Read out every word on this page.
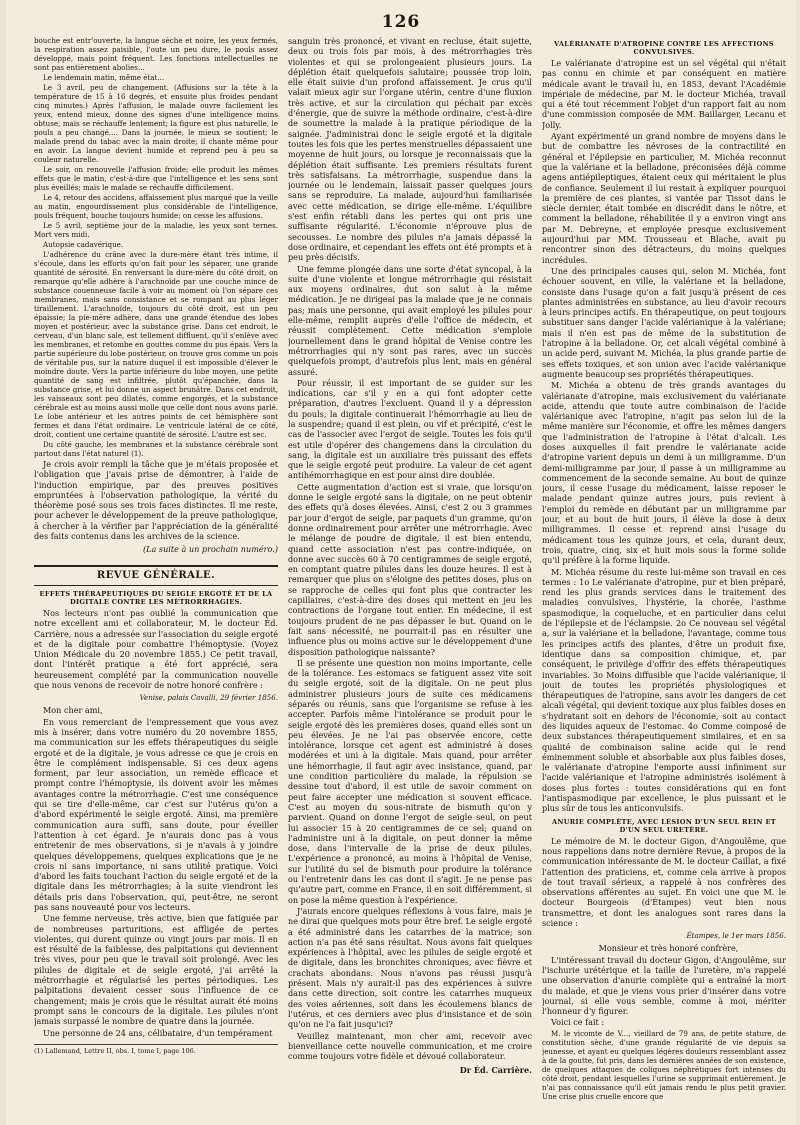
126

bouche est entr'ouverte, la langue sèche et noire, les yeux fermés, la respiration assez paisible, l'oute un peu dure, le pouls assez développé, mais point fréquent. Les fonctions intellectuelles ne sont pas entièrement abolies...

Le lendemain matin, même état...

Le 3 avril, peu de changement. (Affusions sur la tête à la température de 15 à 16 degrés, et ensuite plus froides pendant cinq minutes.) Après l'affusion, le malade ouvre facilement les yeux, entend mieux, donne des signes d'une intelligence moins obtuse, mais se réchauffe lentement; la figure est plus naturelle, le pouls a peu changé.... Dans la journée, le mieux se soutient; le malade prend du tabac avec la main droite; il chante même pour en avoir. La langue devient humide et reprend peu à peu sa couleur naturelle.

Le soir, on renouvelle l'affusion froide; elle produit les mêmes effets que le matin, c'est-à-dire que l'intelligence et les sens sont plus éveillés; mais le malade se réchauffe difficilement.

Le 4, retour des accidens, affaissement plus marqué que la veille au matin, engourdissement plus considérable de l'intelligence, pouls fréquent, bouche toujours humide; on cesse les affusions.

Le 5 avril, septième jour de la maladie, les yeux sont ternes. Mort vers midi.

Autopsie cadavérique.

L'adhérence du crâne avec la dure-mère étant très intime, il s'écoule, dans les efforts qu'on fait pour les séparer, une grande quantité de sérosité. En renversant la dure-mère du côté droit, on remarque qu'elle adhère à l'arachnoïde par une couche mince de substance couenneuse facile à voir au moment où l'on sépare ces membranes, mais sans consistance et se rompant au plus léger tiraillement. L'arachnoïde, toujours du côté droit, est un peu épaissie; la pie-mère adhère, dans une grande étendue des lobes moyen et postérieur, avec la substance grise. Dans cet endroit, le cerveau, d'un blanc sale, est tellement diffluent, qu'il s'enlève avec les membranes, et retombe en gouttes comme du pus épais. Vers la partie supérieure du lobe postérieur, on trouve gros comme un pois de véritable pus, sur la nature duquel il est impossible d'élever le moindre doute. Vers la partie inférieure du lobe moyen, une petite quantité de sang est infiltrée, plutôt qu'épanchée, dans la substance grise, et lui donne un aspect brunâtre. Dans cet endroit, les vaisseaux sont peu dilatés, comme engorgés, et la substance cérébrale est au moins aussi molle que celle dont nous avons parlé. Le lobe antérieur et les autres points de cet hémisphère sont fermes et dans l'état ordinaire. Le ventricule latéral de ce côté, droit, contient une certaine quantité de sérosité. L'autre est sec.

Du côté gauche, les membranes et la substance cérébrale sont partout dans l'état naturel (1).

Je crois avoir rempli la tâche que je m'étais proposée et l'obligation que j'avais prise de démontrer, à l'aide de l'induction empirique, par des preuves positives empruntées à l'observation pathologique, la vérité du théorème posé sous ses trois faces distinctes. Il me reste, pour achever le développement de la preuve pathologique, à chercher à la vérifier par l'appréciation de la généralité des faits contenus dans les archives de la science.

(La suite à un prochain numéro.)

REVUE GÉNÉRALE.
EFFETS THÉRAPEUTIQUES DU SEIGLE ERGOTÉ ET DE LA DIGITALE CONTRE LES MÉTRORRHAGIES.

Nos lecteurs n'ont pas oublié la communication que notre excellent ami et collaborateur, M. le docteur Éd. Carrière, nous a adressée sur l'association du seigle ergoté et de la digitale pour combattre l'hémoptysie. (Voyez Union Médicale du 20 novembre 1855.) Ce petit travail, dont l'intérêt pratique a été fort apprécié, sera heureusement complété par la communication nouvelle que nous venons de recevoir de notre honoré confrère :

Venise, palais Cavalli, 29 février 1856.

Mon cher ami,

En vous remerciant de l'empressement que vous avez mis à insérer, dans votre numéro du 20 novembre 1855, ma communication sur les effets thérapeutiques du seigle ergoté et de la digitale, je vous adresse ce que je crois en être le complément indispensable. Si ces deux agens forment, par leur association, un remède efficace et prompt contre l'hémoptysie, ils doivent avoir les mêmes avantages contre la métrorrhagie. C'est une conséquence qui se tire d'elle-même, car c'est sur l'utérus qu'on a d'abord expérimenté le seigle ergoté. Ainsi, ma première communication aura suffi, sans doute, pour éveiller l'attention à cet égard. Je n'aurais donc pas à vous entretenir de mes observations, si je n'avais à y joindre quelques développemens, quelques explications que je ne crois ni sans importance, ni sans utilité pratique. Voici d'abord les faits touchant l'action du seigle ergoté et de la digitale dans les métrorrhagies; à la suite viendront les détails pris dans l'observation, qui, peut-être, ne seront pas sans nouveauté pour vos lecteurs.

Une femme nerveuse, très active, bien que fatiguée par de nombreuses parturitions, est affligée de pertes violentes, qui durent quinze ou vingt jours par mois. Il en est résulté de la faiblesse, des palpitations qui deviennent très vives, pour peu que le travail soit prolongé. Avec les pilules de digitale et de seigle ergoté, j'ai arrêté la métrorrhagie et régularisé les pertes périodiques. Les palpitations devaient cesser sous l'influence de ce changement; mais je crois que le résultat aurait été moins prompt sans le concours de la digitale. Les pilules n'ont jamais surpassé le nombre de quatre dans la journée.

Une personne de 24 ans, célibataire, d'un tempérament

(1) Lallemand, Lettre II, obs. I, tome I, page 106.

sanguin très prononcé, et vivant en recluse, était sujette, deux ou trois fois par mois, à des métrorrhagies très violentes et qui se prolongeaient plusieurs jours. La déplétion était quelquefois salutaire; poussée trop loin, elle était suivie d'un profond affaissement. Je crus qu'il valait mieux agir sur l'organe utérin, centre d'une fluxion très active, et sur la circulation qui péchait par excès d'énergie, que de suivre la méthode ordinaire, c'est-à-dire de soumettre la malade à la pratique périodique de la saignée. J'administrai donc le seigle ergoté et la digitale toutes les fois que les pertes menstruelles dépassaient une moyenne de huit jours, ou lorsque je reconnaissais que la déplétion était suffisante. Les premiers résultats furent très satisfaisans. La métrorrhagie, suspendue dans la journée ou le lendemain, laissait passer quelques jours sans se reproduire. La malade, aujourd'hui familiarisée avec cette médication, se dirige elle-même. L'équilibre s'est enfin rétabli dans les pertes qui ont pris une suffisante régularité. L'économie n'éprouve plus de secousses. Le nombre des pilules n'a jamais dépassé la dose ordinaire, et cependant les effets ont été prompts et à peu près décisifs.

Une femme plongée dans une sorte d'état syncopal, à la suite d'une violente et longue métrorrhagie qui résistait aux moyens ordinaires, dut son salut à la même médication. Je ne dirigeai pas la malade que je ne connais pas; mais une personne, qui avait employé les pilules pour elle-même, remplit auprès d'elle l'office de médecin, et réussit complètement. Cette médication s'emploie journellement dans le grand hôpital de Venise contre les métrorrhagies qui n'y sont pas rares, avec un succès quelquefois prompt, d'autrefois plus lent, mais en général assuré.

Pour réussir, il est important de se guider sur les indications, car s'il y en a qui font adopter cette préparation, d'autres l'excluent. Quand il y a dépression du pouls, la digitale continuerait l'hémorrhagie au lieu de la suspendre; quand il est plein, ou vif et précipité, c'est le cas de l'associer avec l'ergot de seigle. Toutes les fois qu'il est utile d'opérer des changemens dans la circulation du sang, la digitale est un auxiliaire très puissant des effets que le seigle ergoté peut produire. La valeur de cet agent antihémorrhagique en est pour ainsi dire doublée.

Cette augmentation d'action est si vraie, que lorsqu'on donne le seigle ergoté sans la digitale, on ne peut obtenir des effets qu'à doses élevées. Ainsi, c'est 2 ou 3 grammes par jour d'ergot de seigle, par paquets d'un gramme, qu'on donne ordinairement pour arrêter une métrorrhagie. Avec le mélange de poudre de digitale, il est bien entendu, quand cette association n'est pas contre-indiquée, on donne avec succès 60 à 70 centigrammes de seigle ergoté, en comptant quatre pilules dans les douze heures. Il est à remarquer que plus on s'éloigne des petites doses, plus on se rapproche de celles qui font plus que contracter les capillaires, c'est-à-dire des doses qui mettent en jeu les contractions de l'organe tout entier. En médecine, il est toujours prudent de ne pas dépasser le but. Quand on le fait sans nécessité, ne pourrait-il pas en résulter une influence plus ou moins active sur le développement d'une disposition pathologique naissante?

Il se présente une question non moins importante, celle de la tolérance. Les estomacs se fatiguent assez vite soit du seigle ergoté, soit de la digitale. On ne peut plus administrer plusieurs jours de suite ces médicamens séparés ou réunis, sans que l'organisme se refuse à les accepter. Parfois même l'intolérance se produit pour le seigle ergoté dès les premières doses, quand elles sont un peu élevées. Je ne l'ai pas observée encore, cette intolérance, lorsque cet agent est administré à doses modérées et uni à la digitale. Mais quand, pour arrêter une hémorrhagie, il faut agir avec insistance, quand, par une condition particulière du malade, la répulsion se dessine tout d'abord, il est utile de savoir comment on peut faire accepter une médication si souvent efficace. C'est au moyen du sous-nitrate de bismuth qu'on y parvient. Quand on donne l'ergot de seigle seul, on peut lui associer 15 à 20 centigrammes de ce sel; quand on l'administre uni à la digitale, on peut donner la même dose, dans l'intervalle de la prise de deux pilules. L'expérience a prononcé, au moins à l'hôpital de Venise, sur l'utilité du sel de bismuth pour produire la tolérance ou l'entretenir dans les cas dont il s'agit. Je ne pense pas qu'autre part, comme en France, il en soit différemment, si on pose la même question à l'expérience.

J'aurais encore quelques réflexions à vous faire, mais je ne dirai que quelques mots pour être bref. Le seigle ergoté a été administré dans les catarrhes de la matrice; son action n'a pas été sans résultat. Nous avons fait quelques expériences à l'hôpital, avec les pilules de seigle ergoté et de digitale, dans les bronchites chroniques, avec fièvre et crachats abondans. Nous n'avons pas réussi jusqu'à présent. Mais n'y aurait-il pas des expériences à suivre dans cette direction, soit contre les catarrhes muqueux des voies aériennes, soit dans les écoulemens blancs de l'utérus, et ces derniers avec plus d'insistance et de soin qu'on ne l'a fait jusqu'ici?

Veuillez maintenant, mon cher ami, recevoir avec bienveillance cette nouvelle communication, et me croire comme toujours votre fidèle et dévoué collaborateur.

Dr Éd. Carrière.

VALÉRIANATE D'ATROPINE CONTRE LES AFFECTIONS CONVULSIVES.

Le valérianate d'atropine est un sel végétal qui n'était pas connu en chimie et par conséquent en matière médicale avant le travail lu, en 1853, devant l'Académie impériale de médecine, par M. le docteur Michéa, travail qui a été tout récemment l'objet d'un rapport fait au nom d'une commission composée de MM. Baillarger, Lecanu et Jolly.

Ayant expérimenté un grand nombre de moyens dans le but de combattre les névroses de la contractilité en général et l'épilepsie en particulier, M. Michéa reconnut que la valériane et la belladone, préconisées déjà comme agens antiépileptiques, étaient ceux qui méritaient le plus de confiance. Seulement il lui restait à expliquer pourquoi la première de ces plantes, si vantée par Tissot dans le siècle dernier, était tombée en discrédit dans le nôtre, et comment la belladone, réhabilitée il y a environ vingt ans par M. Debreyne, et employée presque exclusivement aujourd'hui par MM. Trousseau et Blache, avait pu rencontrer sinon des détracteurs, du moins quelques incrédules.

Une des principales causes qui, selon M. Michéa, font échouer souvent, en ville, la valériane et la belladone, consiste dans l'usage qu'on a fait jusqu'à présent de ces plantes administrées en substance, au lieu d'avoir recours à leurs principes actifs. En thérapeutique, on peut toujours substituer sans danger l'acide valérianique à la valériane; mais il n'en est pas de même de la substitution de l'atropine à la belladone. Or, cet alcali végétal combiné à un acide perd, suivant M. Michéa, la plus grande partie de ses effets toxiques, et son union avec l'acide valérianique augmente beaucoup ses propriétés thérapeutiques.

M. Michéa a obtenu de très grands avantages du valérianate d'atropine, mais exclusivement du valérianate acide, attendu que toute autre combinaison de l'acide valérianique avec l'atropine, n'agit pas selon lui de la même manière sur l'économie, et offre les mêmes dangers que l'administration de l'atropine à l'état d'alcali. Les doses auxquelles il fait prendre le valérianate acide d'atropine varient depuis un demi à un milligramme. D'un demi-milligramme par jour, il passe à un milligramme au commencement de la seconde semaine. Au bout de quinze jours, il cesse l'usage du médicament, laisse reposer le malade pendant quinze autres jours, puis revient à l'emploi du remède en débutant par un milligramme par jour, et au bout de huit jours, il élève la dose à deux milligrammes. Il cesse et reprend ainsi l'usage du médicament tous les quinze jours, et cela, durant deux, trois, quatre, cinq, six et huit mois sous la forme solide qu'il préfère à la forme liquide.

M. Michéa résume du reste lui-même son travail en ces termes : 1o Le valérianate d'atropine, pur et bien préparé, rend les plus grands services dans le traitement des maladies convulsives, l'hystérie, la chorée, l'asthme spasmodique, la coqueluche, et en particulier dans celui de l'épilepsie et de l'éclampsie. 2o Ce nouveau sel végétal a, sur la valériane et la belladone, l'avantage, comme tous les principes actifs des plantes, d'être un produit fixe, identique dans sa composition chimique, et, par conséquent, le privilège d'offrir des effets thérapeutiques invariables. 3o Moins diffusible que l'acide valérianique, il jouit de toutes les propriétés physiologiques et thérapeutiques de l'atropine, sans avoir les dangers de cet alcali végétal, qui devient toxique aux plus faibles doses en s'hydratant soit en dehors de l'économie, soit au contact des liquides aqueux de l'estomac. 4o Comme composé de deux substances thérapeutiquement similaires, et en sa qualité de combinaison saline acide qui le rend éminemment soluble et absorbable aux plus faibles doses, le valérianate d'atropine l'emporte aussi infiniment sur l'acide valérianique et l'atropine administrés isolément à doses plus fortes : toutes considérations qui en font l'antispasmodique par excellence, le plus puissant et le plus sûr de tous les anticonvulsifs.

ANURIE COMPLÈTE, AVEC LÉSION D'UN SEUL REIN ET D'UN SEUL URETÈRE.

Le mémoire de M. le docteur Gigon, d'Angoulême, que nous rappelions dans notre dernière Revue, à propos de la communication intéressante de M. le docteur Caillat, a fixé l'attention des praticiens, et, comme cela arrive à propos de tout travail sérieux, a rappelé à nos confrères des observations afférentes au sujet. En voici une que M. le docteur Bourgeois (d'Étampes) veut bien nous transmettre, et dont les analogues sont rares dans la science :

Étampes, le 1er mars 1856.

Monsieur et très honoré confrère,

L'intéressant travail du docteur Gigon, d'Angoulême, sur l'ischurie urétérique et la taille de l'uretère, m'a rappelé une observation d'anurie complète qui a entraîné la mort du malade, et que je viens vous prier d'insérer dans votre journal, si elle vous semble, comme à moi, mériter l'honneur d'y figurer.

Voici ce fait :

M. le vicomte de V..., vieillard de 79 ans, de petite stature, de constitution sèche, d'une grande régularité de vie depuis sa jeunesse, et ayant eu quelques légères douleurs ressemblant assez à de la goutte, fut pris, dans les dernières années de son existence, de quelques attaques de coliques néphrétiques fort intenses du côté droit, pendant lesquelles l'urine se supprimait entièrement. Je n'ai pas connaissance qu'il eût jamais rendu le plus petit gravier. Une crise plus cruelle encore que
